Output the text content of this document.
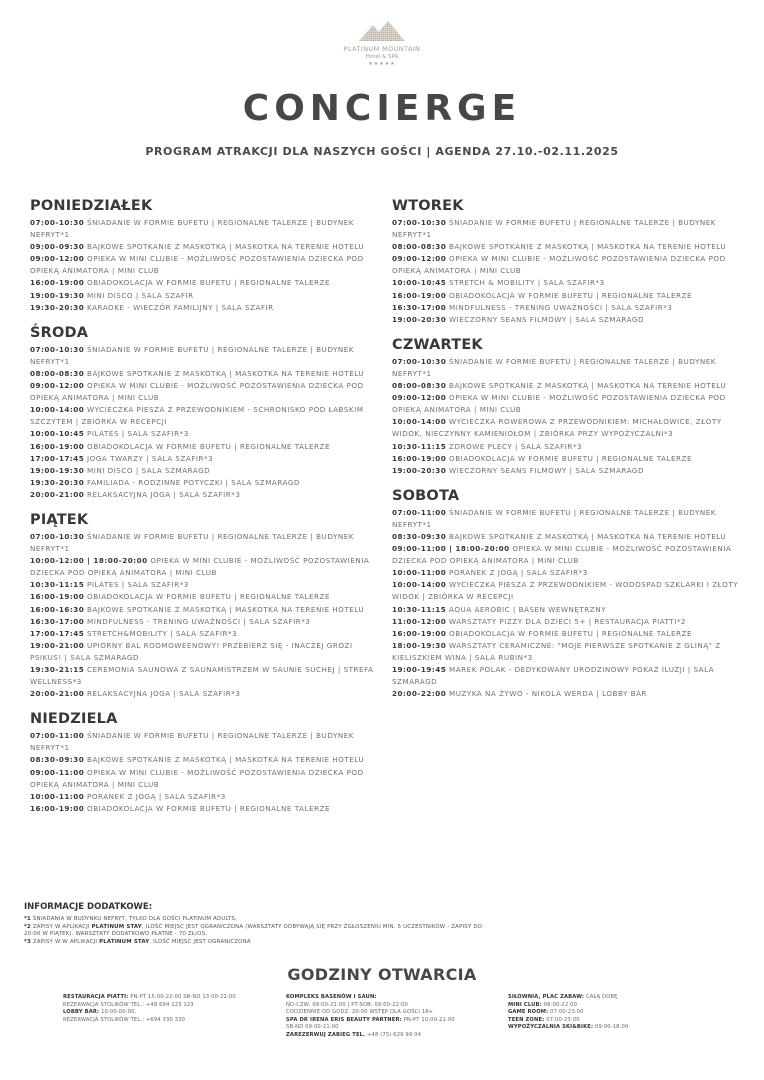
PLATINUM MOUNTAIN
Hotel & SPA
★★★★★
CONCIERGE
PROGRAM ATRAKCJI DLA NASZYCH GOŚCI | AGENDA 27.10.-02.11.2025
PONIEDZIAŁEK
07:00-10:30 ŚNIADANIE W FORMIE BUFETU | REGIONALNE TALERZE | BUDYNEK NEFRYT*1
09:00-09:30 BAJKOWE SPOTKANIE Z MASKOTKĄ | MASKOTKA NA TERENIE HOTELU
09:00-12:00 OPIEKA W MINI CLUBIE - MOŻLIWOŚĆ POZOSTAWIENIA DZIECKA POD OPIEKĄ ANIMATORA | MINI CLUB
16:00-19:00 OBIADOKOLACJA W FORMIE BUFETU | REGIONALNE TALERZE
19:00-19:30 MINI DISCO | SALA SZAFIR
19:30-20:30 KARAOKE - WIECZÓR FAMILIJNY | SALA SZAFIR
ŚRODA
07:00-10:30 ŚNIADANIE W FORMIE BUFETU | REGIONALNE TALERZE | BUDYNEK NEFRYT*1
08:00-08:30 BAJKOWE SPOTKANIE Z MASKOTKĄ | MASKOTKA NA TERENIE HOTELU
09:00-12:00 OPIEKA W MINI CLUBIE - MOŻLIWOŚĆ POZOSTAWIENIA DZIECKA POD OPIEKĄ ANIMATORA | MINI CLUB
10:00-14:00 WYCIECZKA PIESZA Z PRZEWODNIKIEM - SCHRONISKO POD ŁABSKIM SZCZYTEM | ZBIÓRKA W RECEPCJI
10:00-10:45 PILATES | SALA SZAFIR*3
16:00-19:00 OBIADOKOLACJA W FORMIE BUFETU | REGIONALNE TALERZE
17:00-17:45 JOGA TWARZY | SALA SZAFIR*3
19:00-19:30 MINI DISCO | SALA SZMARAGD
19:30-20:30 FAMILIADA - RODZINNE POTYCZKI | SALA SZMARAGD
20:00-21:00 RELAKSACYJNA JOGA | SALA SZAFIR*3
PIĄTEK
07:00-10:30 ŚNIADANIE W FORMIE BUFETU | REGIONALNE TALERZE | BUDYNEK NEFRYT*1
10:00-12:00 | 18:00-20:00 OPIEKA W MINI CLUBIE - MOŻLIWOŚĆ POZOSTAWIENIA DZIECKA POD OPIEKĄ ANIMATORA | MINI CLUB
10:30-11:15 PILATES | SALA SZAFIR*3
16:00-19:00 OBIADOKOLACJA W FORMIE BUFETU | REGIONALNE TALERZE
16:00-16:30 BAJKOWE SPOTKANIE Z MASKOTKĄ | MASKOTKA NA TERENIE HOTELU
16:30-17:00 MINDFULNESS - TRENING UWAŻNOŚCI | SALA SZAFIR*3
17:00-17:45 STRETCH&MOBILITY | SALA SZAFIR*3
19:00-21:00 UPIORNY BAL ROOMOWEENOWY! PRZEBIERZ SIĘ - INACZEJ GROZI PSIKUS! | SALA SZMARAGD
19:30-21:15 CEREMONIA SAUNOWA Z SAUNAMISTRZEM W SAUNIE SUCHEJ | STREFA WELLNESS*3
20:00-21:00 RELAKSACYJNA JOGA | SALA SZAFIR*3
NIEDZIELA
07:00-11:00 ŚNIADANIE W FORMIE BUFETU | REGIONALNE TALERZE | BUDYNEK NEFRYT*1
08:30-09:30 BAJKOWE SPOTKANIE Z MASKOTKĄ | MASKOTKA NA TERENIE HOTELU
09:00-11:00 OPIEKA W MINI CLUBIE - MOŻLIWOŚĆ POZOSTAWIENIA DZIECKA POD OPIEKĄ ANIMATORA | MINI CLUB
10:00-11:00 PORANEK Z JOGĄ | SALA SZAFIR*3
16:00-19:00 OBIADOKOLACJA W FORMIE BUFETU | REGIONALNE TALERZE
WTOREK
07:00-10:30 ŚNIADANIE W FORMIE BUFETU | REGIONALNE TALERZE | BUDYNEK NEFRYT*1
08:00-08:30 BAJKOWE SPOTKANIE Z MASKOTKĄ | MASKOTKA NA TERENIE HOTELU
09:00-12:00 OPIEKA W MINI CLUBIE - MOŻLIWOŚĆ POZOSTAWIENIA DZIECKA POD OPIEKĄ ANIMATORA | MINI CLUB
10:00-10:45 STRETCH & MOBILITY | SALA SZAFIR*3
16:00-19:00 OBIADOKOLACJA W FORMIE BUFETU | REGIONALNE TALERZE
16:30-17:00 MINDFULNESS - TRENING UWAŻNOŚCI | SALA SZAFIR*3
19:00-20:30 WIECZORNY SEANS FILMOWY | SALA SZMARAGD
CZWARTEK
07:00-10:30 ŚNIADANIE W FORMIE BUFETU | REGIONALNE TALERZE | BUDYNEK NEFRYT*1
08:00-08:30 BAJKOWE SPOTKANIE Z MASKOTKĄ | MASKOTKA NA TERENIE HOTELU
09:00-12:00 OPIEKA W MINI CLUBIE - MOŻLIWOŚĆ POZOSTAWIENIA DZIECKA POD OPIEKĄ ANIMATORA | MINI CLUB
10:00-14:00 WYCIECZKA ROWEROWA Z PRZEWODNIKIEM: MICHAŁOWICE, ZŁOTY WIDOK, NIECZYNNY KAMIENIOŁOM | ZBIÓRKA PRZY WYPOŻYCZALNI*3
10:30-11:15 ZDROWE PLECY | SALA SZAFIR*3
16:00-19:00 OBIADOKOLACJA W FORMIE BUFETU | REGIONALNE TALERZE
19:00-20:30 WIECZORNY SEANS FILMOWY | SALA SZMARAGD
SOBOTA
07:00-11:00 ŚNIADANIE W FORMIE BUFETU | REGIONALNE TALERZE | BUDYNEK NEFRYT*1
08:30-09:30 BAJKOWE SPOTKANIE Z MASKOTKĄ | MASKOTKA NA TERENIE HOTELU
09:00-11:00 | 18:00-20:00 OPIEKA W MINI CLUBIE - MOŻLIWOŚĆ POZOSTAWIENIA DZIECKA POD OPIEKĄ ANIMATORA | MINI CLUB
10:00-11:00 PORANEK Z JOGĄ | SALA SZAFIR*3
10:00-14:00 WYCIECZKA PIESZA Z PRZEWODNIKIEM - WODOSPAD SZKLARKI I ZŁOTY WIDOK | ZBIÓRKA W RECEPCJI
10:30-11:15 AQUA AEROBIC | BASEN WEWNĘTRZNY
11:00-12:00 WARSZTATY PIZZY DLA DZIECI 5+ | RESTAURACJA PIATTI*2
16:00-19:00 OBIADOKOLACJA W FORMIE BUFETU | REGIONALNE TALERZE
18:00-19:30 WARSZTATY CERAMICZNE: "MOJE PIERWSZE SPOTKANIE Z GLINĄ" Z KIELISZKIEM WINA | SALA RUBIN*3
19:00-19:45 MAREK POLAK - DEDYKOWANY URODZINOWY POKAZ ILUZJI | SALA SZMARAGD
20:00-22:00 MUZYKA NA ŻYWO - NIKOLA WERDA | LOBBY BAR
INFORMACJE DODATKOWE:
*1 ŚNIADANIA W BUDYNKU NEFRYT, TYLKO DLA GOŚCI PLATINUM ADULTS.
*2 ZAPISY W APLIKACJI PLATINUM STAY, ILOŚĆ MIEJSC JEST OGRANICZONA (WARSZTATY ODBYWAJĄ SIĘ PRZY ZGŁOSZENIU MIN. 5 UCZESTNIKÓW - ZAPISY DO 20:00 W PIĄTEK). WARSZTATY DODATKOWO PŁATNE - 70 ZŁ/OS.
*3 ZAPISY W W APLIKACJI PLATINUM STAY, ILOŚĆ MIEJSC JEST OGRANICZONA
GODZINY OTWARCIA
RESTAURACJA PIATTI: PN-PT 15:00-22:00 SB-ND 13:00-22:00
REZERWACJA STOLIKÓW TEL.: +48 694 123 123
LOBBY BAR: 10:00-00:00,
REZERWACJA STOLIKÓW TEL.: +694 330 330
KOMPLEKS BASENÓW I SAUN:
ND-CZW: 09:00-21:00 | PT-SOB: 09:00-22:00
CODZIENNIE OD GODZ. 20:00 WSTĘP DLA GOŚCI 16+
SPA DR IRENA ERIS BEAUTY PARTNER: PN-PT 10:00-21:00
SB-ND 09:00-21:00
ZAREZERWUJ ZABIEG TEL. +48 (75) 629 99 04
SIŁOWNIA, PLAC ZABAW: CAŁĄ DOBĘ
MINI CLUB: 08:00-22:00
GAME ROOM: 07:00-23:00
TEEN ZONE: 07:00-23:00
WYPOŻYCZALNIA SKI&BIKE: 09:00-18:00
